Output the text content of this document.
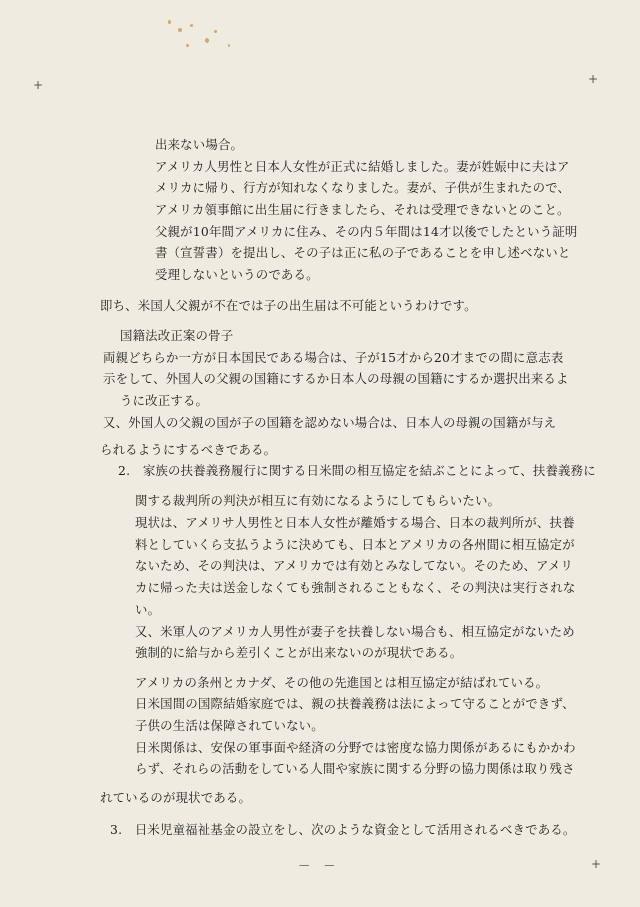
+	+
+
出来ない場合。
アメリカ人男性と日本人女性が正式に結婚しました。妻が姓娠中に夫はア
メリカに帰り、行方が知れなくなりました。妻が、子供が生まれたので、
アメリカ領事館に出生届に行きましたら、それは受理できないとのこと。
父親が10年間アメリカに住み、その内５年間は14才以後でしたという証明
書（宣誓書）を提出し、その子は正に私の子であることを申し述べないと
受理しないというのである。
即ち、米国人父親が不在では子の出生届は不可能というわけです。
国籍法改正案の骨子
両親どちらか一方が日本国民である場合は、子が15才から20才までの間に意志表
示をして、外国人の父親の国籍にするか日本人の母親の国籍にするか選択出来るよ
うに改正する。
又、外国人の父親の国が子の国籍を認めない場合は、日本人の母親の国籍が与え
られるようにするべきである。
2.　家族の扶養義務履行に関する日米間の相互協定を結ぶことによって、扶養義務に
関する裁判所の判決が相互に有効になるようにしてもらいたい。
現状は、アメリサ人男性と日本人女性が離婚する場合、日本の裁判所が、扶養
料としていくら支払うように決めても、日本とアメリカの各州間に相互協定が
ないため、その判決は、アメリカでは有効とみなしてない。そのため、アメリ
カに帰った夫は送金しなくても強制されることもなく、その判決は実行されな
い。
又、米軍人のアメリカ人男性が妻子を扶養しない場合も、相互協定がないため
強制的に給与から差引くことが出来ないのが現状である。
アメリカの条州とカナダ、その他の先進国とは相互協定が結ばれている。
日米国間の国際結婚家庭では、親の扶養義務は法によって守ることができず、
子供の生活は保障されていない。
日米関係は、安保の軍事面や経済の分野では密度な協力関係があるにもかかわ
らず、それらの活動をしている人間や家族に関する分野の協力関係は取り残さ
れているのが現状である。
3.　日米児童福祉基金の設立をし、次のような資金として活用されるべきである。
－　－
